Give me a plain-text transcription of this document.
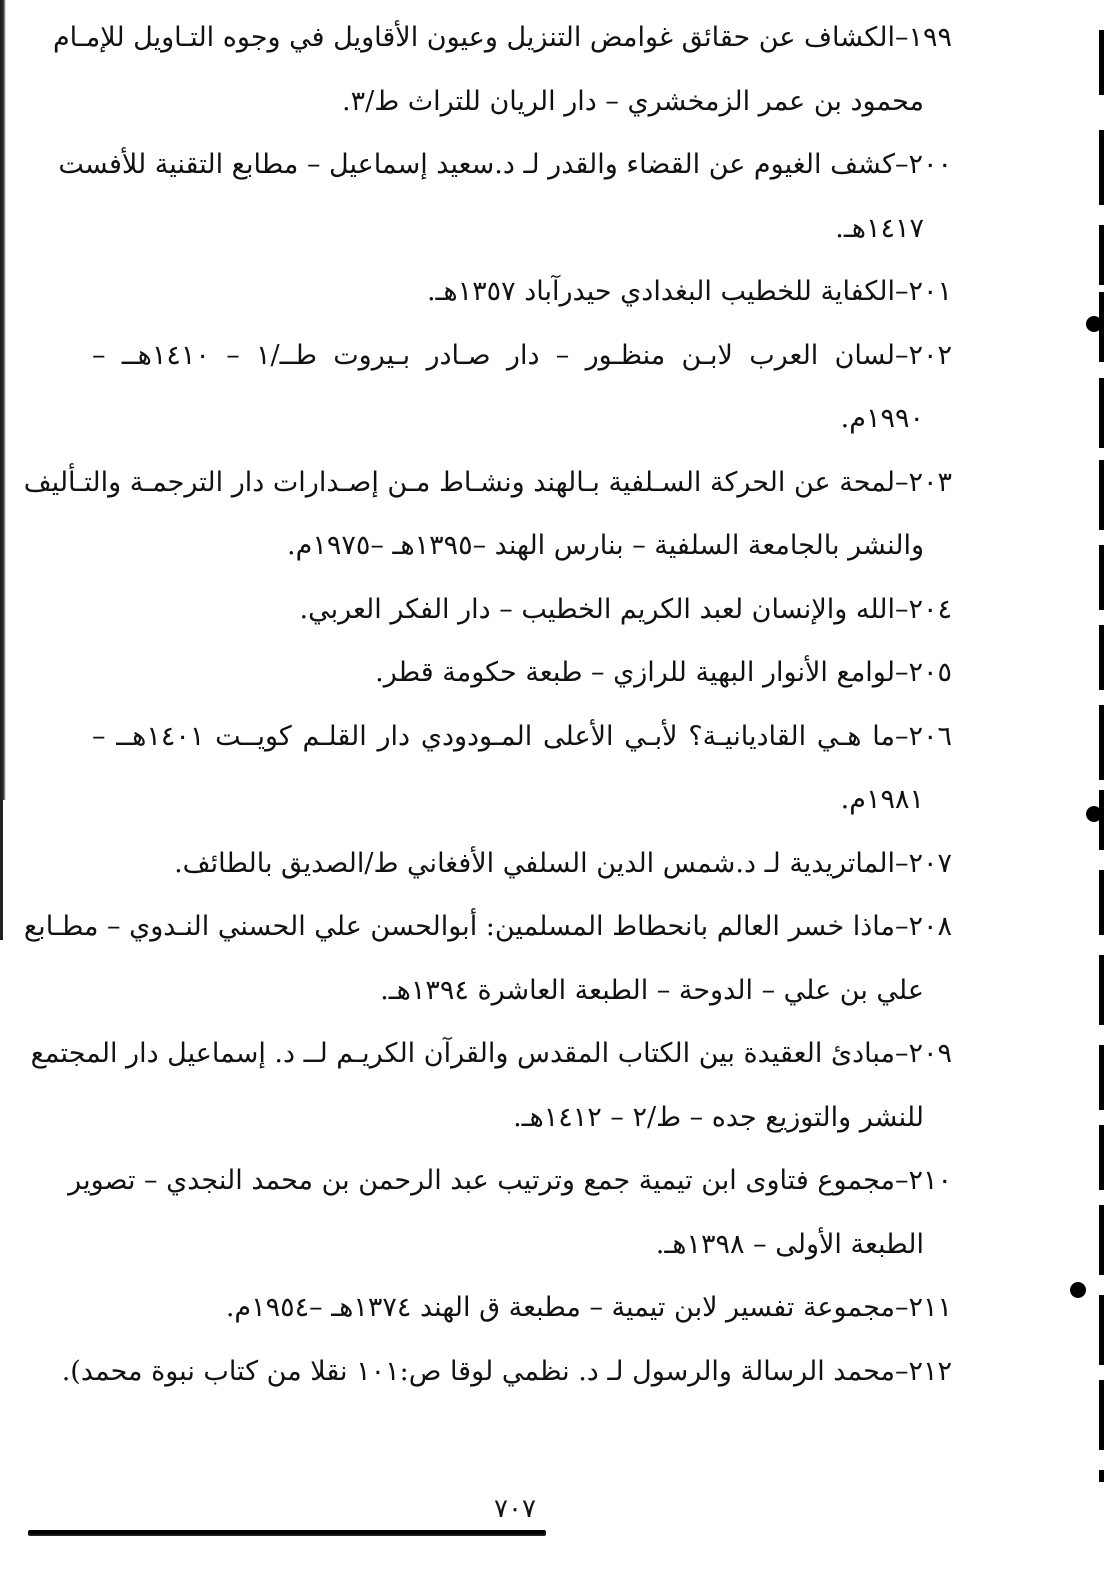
١٩٩–الكشاف عن حقائق غوامض التنزيل وعيون الأقاويل في وجوه التـاويل للإمـام
محمود بن عمر الزمخشري – دار الريان للتراث ط/٣.
٢٠٠–كشف الغيوم عن القضاء والقدر لـ د.سعيد إسماعيل – مطابع التقنية للأفست
١٤١٧هـ.
٢٠١–الكفاية للخطيب البغدادي حيدرآباد ١٣٥٧هـ.
٢٠٢–لسان العرب لابـن منظـور – دار صـادر بـيروت طــ/١ – ١٤١٠هــ –
١٩٩٠م.
٢٠٣–لمحة عن الحركة السـلفية بـالهند ونشـاط مـن إصـدارات دار الترجمـة والتـأليف
والنشر بالجامعة السلفية – بنارس الهند –١٣٩٥هـ –١٩٧٥م.
٢٠٤–الله والإنسان لعبد الكريم الخطيب – دار الفكر العربي.
٢٠٥–لوامع الأنوار البهية للرازي – طبعة حكومة قطر.
٢٠٦–ما هـي القاديانيـة؟ لأبـي الأعلى المـودودي دار القلـم كويــت ١٤٠١هــ –
١٩٨١م.
٢٠٧–الماتريدية لـ د.شمس الدين السلفي الأفغاني ط/الصديق بالطائف.
٢٠٨–ماذا خسر العالم بانحطاط المسلمين: أبوالحسن علي الحسني النـدوي – مطـابع
علي بن علي – الدوحة – الطبعة العاشرة ١٣٩٤هـ.
٢٠٩–مبادئ العقيدة بين الكتاب المقدس والقرآن الكريـم لــ د. إسماعيل دار المجتمع
للنشر والتوزيع جده – ط/٢ – ١٤١٢هـ.
٢١٠–مجموع فتاوى ابن تيمية جمع وترتيب عبد الرحمن بن محمد النجدي – تصوير
الطبعة الأولى – ١٣٩٨هـ.
٢١١–مجموعة تفسير لابن تيمية – مطبعة ق الهند ١٣٧٤هـ –١٩٥٤م.
٢١٢–محمد الرسالة والرسول لـ د. نظمي لوقا ص:١٠١ نقلا من كتاب نبوة محمد).
٧٠٧
